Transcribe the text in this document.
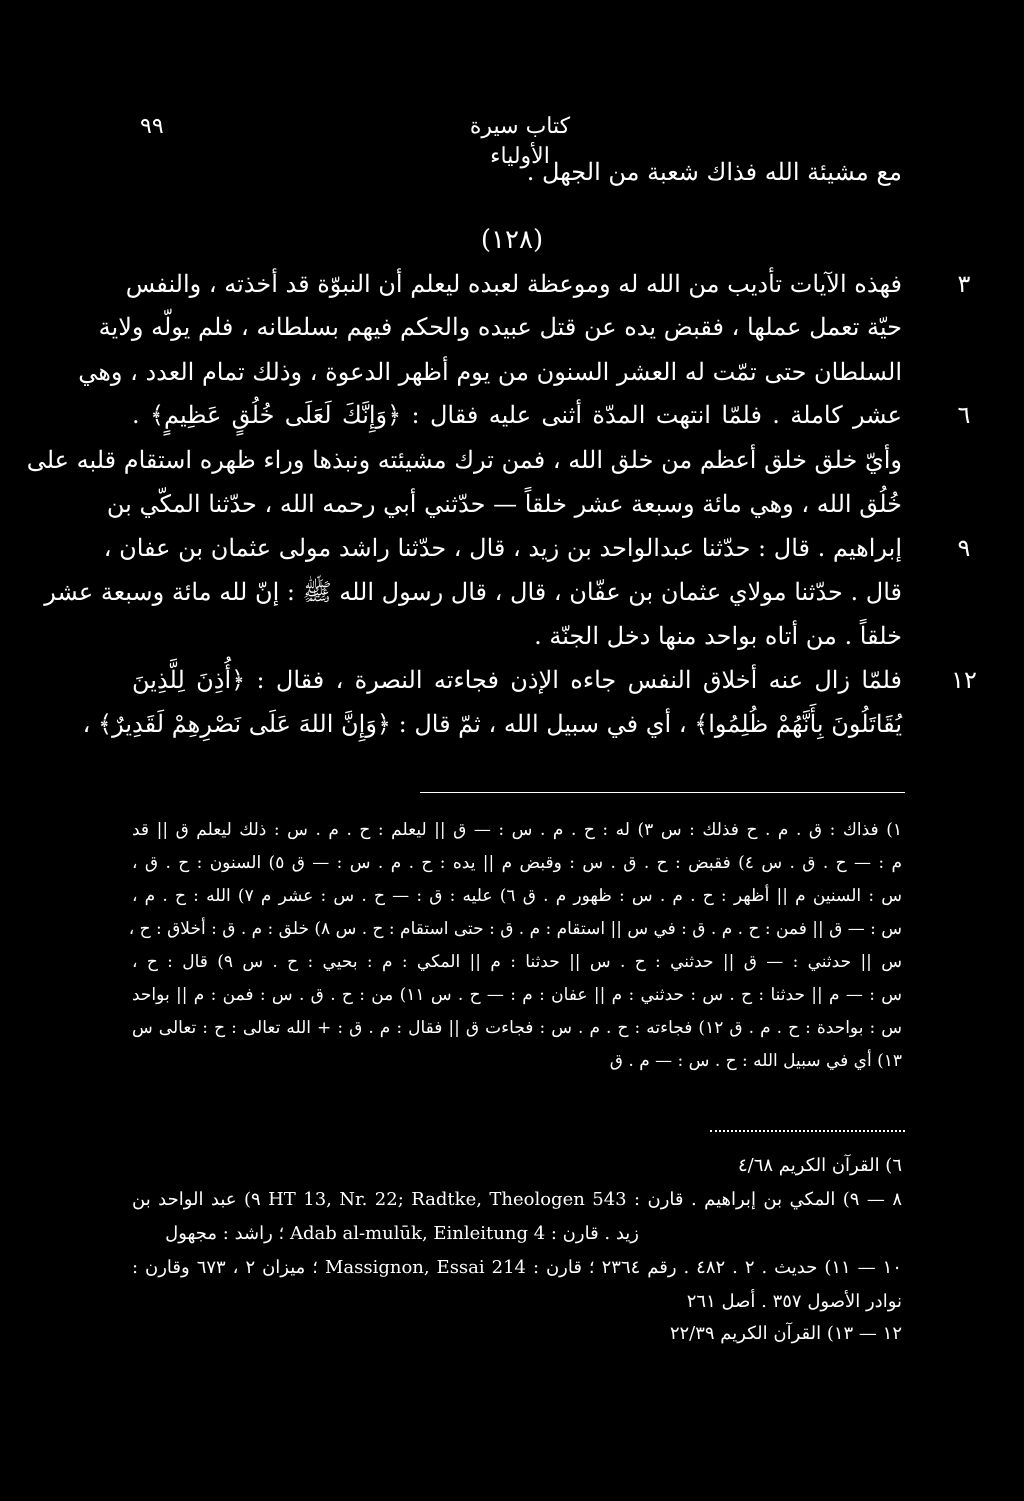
٩٩	كتاب سيرة الأولياء
مع مشيئة الله فذاك شعبة من الجهل .
(١٢٨)
فهذه الآيات تأديب من الله له وموعظة لعبده ليعلم أن النبوّة قد أخذته ، والنفس	٣
حيّة تعمل عملها ، فقبض يده عن قتل عبيده والحكم فيهم بسلطانه ، فلم يولّه ولاية
السلطان حتى تمّت له العشر السنون من يوم أظهر الدعوة ، وذلك تمام العدد ، وهي
عشر كاملة . فلمّا انتهت المدّة أثنى عليه فقال : ﴿وَإِنَّكَ لَعَلَى خُلُقٍ عَظِيمٍ﴾ .	٦
وأيّ خلق خلق أعظم من خلق الله ، فمن ترك مشيئته ونبذها وراء ظهره استقام قلبه على
خُلُق الله ، وهي مائة وسبعة عشر خلقاً — حدّثني أبي رحمه الله ، حدّثنا المكّي بن
إبراهيم . قال : حدّثنا عبدالواحد بن زيد ، قال ، حدّثنا راشد مولى عثمان بن عفان ،	٩
قال . حدّثنا مولاي عثمان بن عفّان ، قال ، قال رسول الله ﷺ : إنّ لله مائة وسبعة عشر
خلقاً . من أتاه بواحد منها دخل الجنّة .
فلمّا زال عنه أخلاق النفس جاءه الإذن فجاءته النصرة ، فقال : ﴿أُذِنَ لِلَّذِينَ	١٢
يُقَاتَلُونَ بِأَنَّهُمْ ظُلِمُوا﴾ ، أي في سبيل الله ، ثمّ قال : ﴿وَإِنَّ اللهَ عَلَى نَصْرِهِمْ لَقَدِيرٌ﴾ ،
١) فذاك : ق . م . ح فذلك : س ٣) له : ح . م . س : — ق || ليعلم : ح . م . س : ذلك ليعلم ق || قد
م : — ح . ق . س ٤) فقبض : ح . ق . س : وقبض م || يده : ح . م . س : — ق ٥) السنون : ح . ق ،
س : السنين م || أظهر : ح . م . س : ظهور م . ق ٦) عليه : ق : — ح . س : عشر م ٧) الله : ح . م ،
س : — ق || فمن : ح . م . ق : في س || استقام : م . ق : حتى استقام : ح . س ٨) خلق : م . ق : أخلاق : ح ،
س || حدثني : — ق || حدثني : ح . س || حدثنا : م || المكي : م : بحيي : ح . س ٩) قال : ح ،
س : — م || حدثنا : ح . س : حدثني : م || عفان : م : — ح . س ١١) من : ح . ق . س : فمن : م || بواحد
س : بواحدة : ح . م . ق ١٢) فجاءته : ح . م . س : فجاءت ق || فقال : م . ق : + الله تعالى : ح : تعالى س
١٣) أي في سبيل الله : ح . س : — م . ق
٦) القرآن الكريم ٤/٦٨
٨ — ٩) المكي بن إبراهيم . قارن : HT 13, Nr. 22; Radtke, Theologen 543 ٩) عبد الواحد بن
زيد . قارن : Adab al-mulūk, Einleitung 4 ؛ راشد : مجهول
١٠ — ١١) حديث . ٢ . ٤٨٢ . رقم ٢٣٦٤ ؛ قارن : Massignon, Essai 214 ؛ ميزان ٢ ، ٦٧٣ وقارن :
نوادر الأصول ٣٥٧ . أصل ٢٦١
١٢ — ١٣) القرآن الكريم ٢٢/٣٩
